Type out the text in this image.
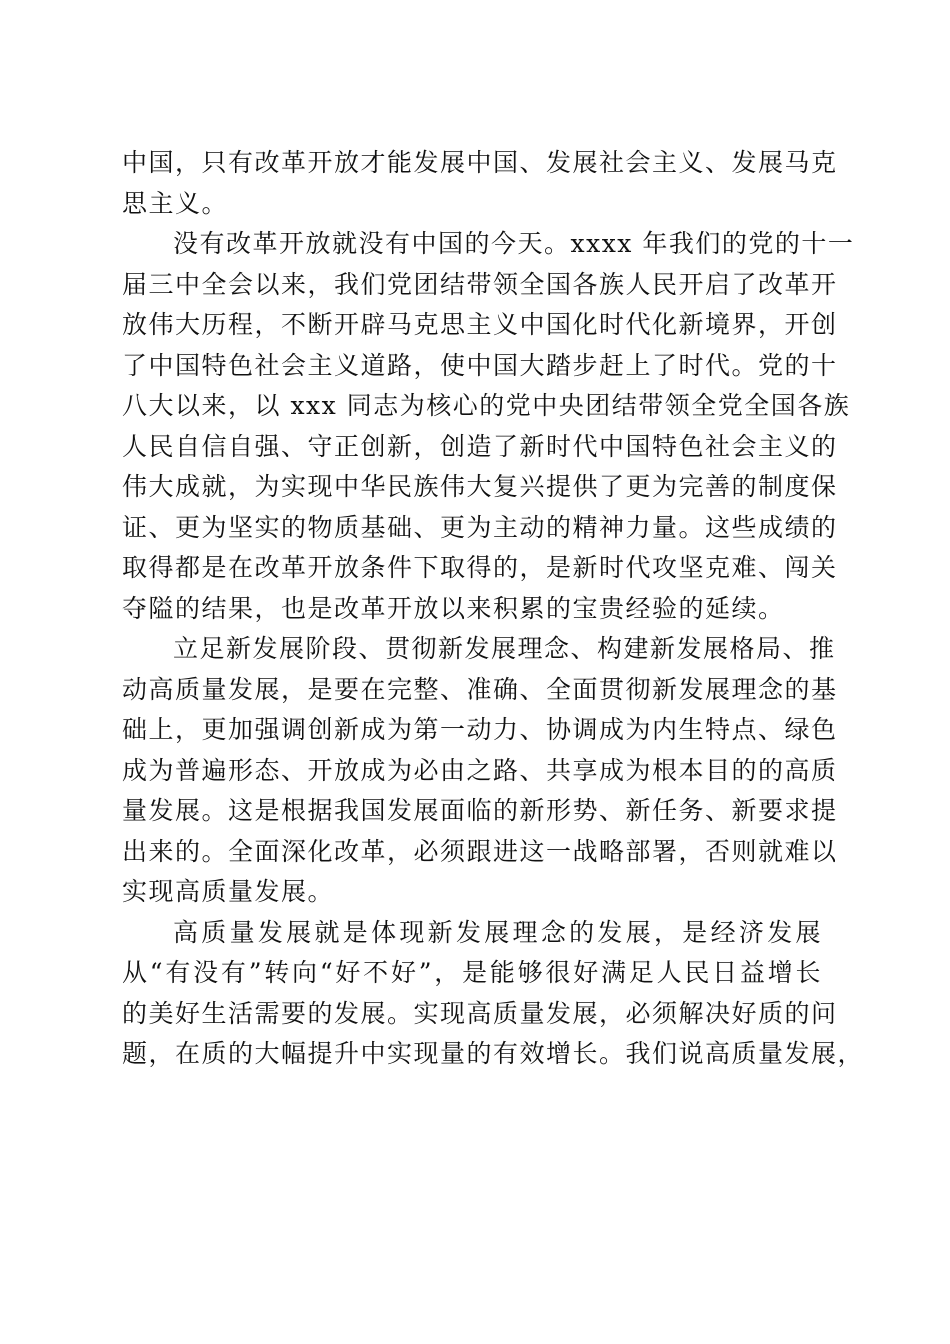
中国，只有改革开放才能发展中国、发展社会主义、发展马克
思主义。
没有改革开放就没有中国的今天。xxxx 年我们的党的十一
届三中全会以来，我们党团结带领全国各族人民开启了改革开
放伟大历程，不断开辟马克思主义中国化时代化新境界，开创
了中国特色社会主义道路，使中国大踏步赶上了时代。党的十
八大以来，以 xxx 同志为核心的党中央团结带领全党全国各族
人民自信自强、守正创新，创造了新时代中国特色社会主义的
伟大成就，为实现中华民族伟大复兴提供了更为完善的制度保
证、更为坚实的物质基础、更为主动的精神力量。这些成绩的
取得都是在改革开放条件下取得的，是新时代攻坚克难、闯关
夺隘的结果，也是改革开放以来积累的宝贵经验的延续。
立足新发展阶段、贯彻新发展理念、构建新发展格局、推
动高质量发展，是要在完整、准确、全面贯彻新发展理念的基
础上，更加强调创新成为第一动力、协调成为内生特点、绿色
成为普遍形态、开放成为必由之路、共享成为根本目的的高质
量发展。这是根据我国发展面临的新形势、新任务、新要求提
出来的。全面深化改革，必须跟进这一战略部署，否则就难以
实现高质量发展。
高质量发展就是体现新发展理念的发展，是经济发展
从“有没有”转向“好不好”，是能够很好满足人民日益增长
的美好生活需要的发展。实现高质量发展，必须解决好质的问
题，在质的大幅提升中实现量的有效增长。我们说高质量发展，
